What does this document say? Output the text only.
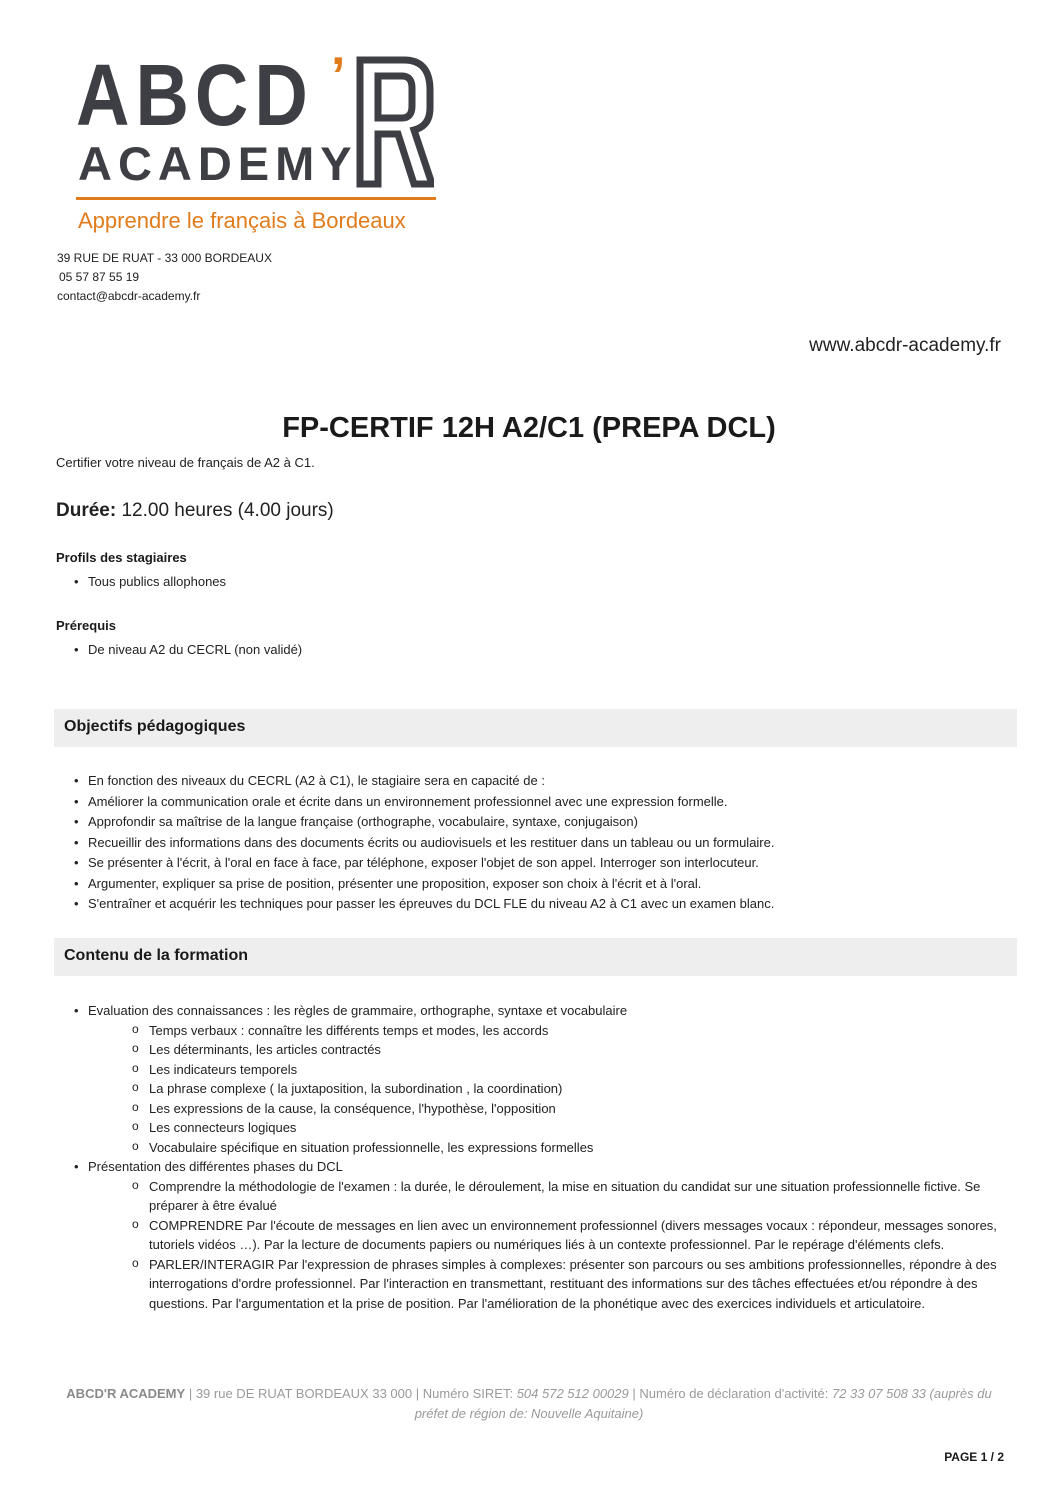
ABCD ’
ACADEMY
Apprendre le français à Bordeaux
39 RUE DE RUAT - 33 000 BORDEAUX
05 57 87 55 19
contact@abcdr-academy.fr
www.abcdr-academy.fr
FP-CERTIF 12H A2/C1 (PREPA DCL)
Certifier votre niveau de français de A2 à C1.
Durée: 12.00 heures (4.00 jours)
Profils des stagiaires
• Tous publics allophones
Prérequis
• De niveau A2 du CECRL (non validé)
Objectifs pédagogiques
• En fonction des niveaux du CECRL (A2 à C1), le stagiaire sera en capacité de :
• Améliorer la communication orale et écrite dans un environnement professionnel avec une expression formelle.
• Approfondir sa maîtrise de la langue française (orthographe, vocabulaire, syntaxe, conjugaison)
• Recueillir des informations dans des documents écrits ou audiovisuels et les restituer dans un tableau ou un formulaire.
• Se présenter à l'écrit, à l'oral en face à face, par téléphone, exposer l'objet de son appel. Interroger son interlocuteur.
• Argumenter, expliquer sa prise de position, présenter une proposition, exposer son choix à l'écrit et à l'oral.
• S'entraîner et acquérir les techniques pour passer les épreuves du DCL FLE du niveau A2 à C1 avec un examen blanc.
Contenu de la formation
• Evaluation des connaissances : les règles de grammaire, orthographe, syntaxe et vocabulaire
o Temps verbaux : connaître les différents temps et modes, les accords
o Les déterminants, les articles contractés
o Les indicateurs temporels
o La phrase complexe ( la juxtaposition, la subordination , la coordination)
o Les expressions de la cause, la conséquence, l'hypothèse, l'opposition
o Les connecteurs logiques
o Vocabulaire spécifique en situation professionnelle, les expressions formelles
• Présentation des différentes phases du DCL
o Comprendre la méthodologie de l'examen : la durée, le déroulement, la mise en situation du candidat sur une situation professionnelle fictive. Se préparer à être évalué
o COMPRENDRE Par l'écoute de messages en lien avec un environnement professionnel (divers messages vocaux : répondeur, messages sonores, tutoriels vidéos …). Par la lecture de documents papiers ou numériques liés à un contexte professionnel. Par le repérage d'éléments clefs.
o PARLER/INTERAGIR Par l'expression de phrases simples à complexes: présenter son parcours ou ses ambitions professionnelles, répondre à des interrogations d'ordre professionnel. Par l'interaction en transmettant, restituant des informations sur des tâches effectuées et/ou répondre à des questions. Par l'argumentation et la prise de position. Par l'amélioration de la phonétique avec des exercices individuels et articulatoire.
ABCD'R ACADEMY | 39 rue DE RUAT BORDEAUX 33 000 | Numéro SIRET: 504 572 512 00029 | Numéro de déclaration d'activité: 72 33 07 508 33 (auprès du préfet de région de: Nouvelle Aquitaine)
PAGE 1 / 2
